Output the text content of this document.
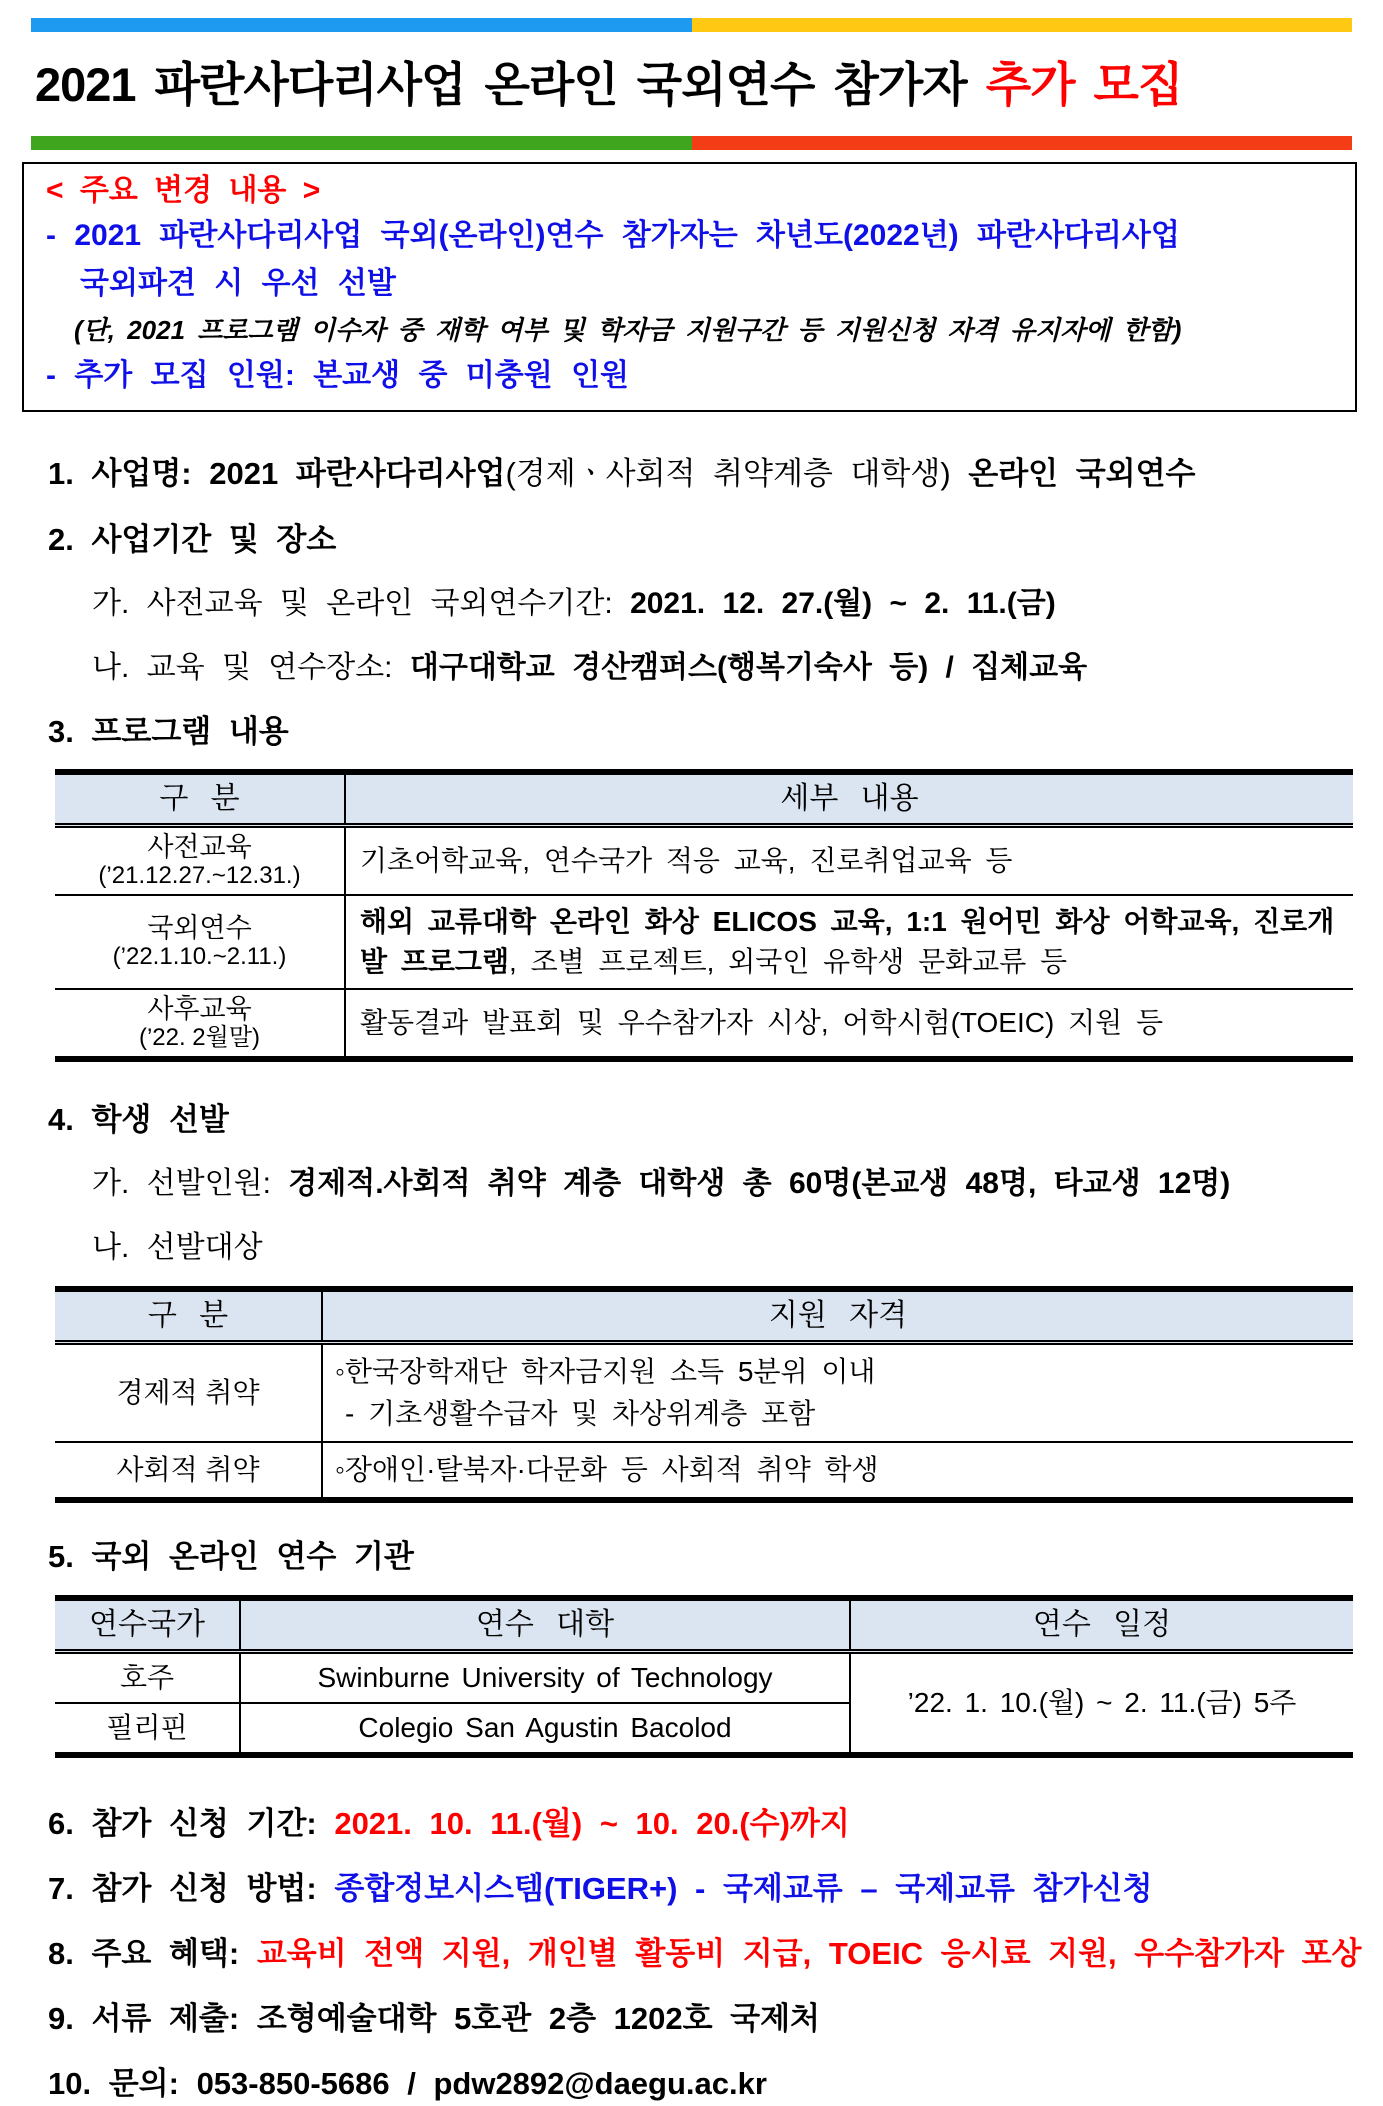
2021 파란사다리사업 온라인 국외연수 참가자 추가 모집
< 주요 변경 내용 >
- 2021 파란사다리사업 국외(온라인)연수 참가자는 차년도(2022년) 파란사다리사업
국외파견 시 우선 선발
(단, 2021 프로그램 이수자 중 재학 여부 및 학자금 지원구간 등 지원신청 자격 유지자에 한함)
- 추가 모집 인원: 본교생 중 미충원 인원
1. 사업명: 2021 파란사다리사업(경제ㆍ사회적 취약계층 대학생) 온라인 국외연수
2. 사업기간 및 장소
가. 사전교육 및 온라인 국외연수기간: 2021. 12. 27.(월) ~ 2. 11.(금)
나. 교육 및 연수장소: 대구대학교 경산캠퍼스(행복기숙사 등) / 집체교육
3. 프로그램 내용
구 분	세부 내용

사전교육
(’21.12.27.~12.31.)	기초어학교육, 연수국가 적응 교육, 진로취업교육 등

국외연수
(’22.1.10.~2.11.)	해외 교류대학 온라인 화상 ELICOS 교육, 1:1 원어민 화상 어학교육, 진로개발 프로그램, 조별 프로젝트, 외국인 유학생 문화교류 등

사후교육
(’22. 2월말)	활동결과 발표회 및 우수참가자 시상, 어학시험(TOEIC) 지원 등
4. 학생 선발
가. 선발인원: 경제적.사회적 취약 계층 대학생 총 60명(본교생 48명, 타교생 12명)
나. 선발대상
구 분	지원 자격
경제적 취약	◦한국장학재단 학자금지원 소득 5분위 이내
- 기초생활수급자 및 차상위계층 포함

사회적 취약	◦장애인·탈북자·다문화 등 사회적 취약 학생
5. 국외 온라인 연수 기관
연수국가	연수 대학	연수 일정
호주	Swinburne University of Technology	’22. 1. 10.(월) ~ 2. 11.(금) 5주
필리핀	Colegio San Agustin Bacolod	
6. 참가 신청 기간: 2021. 10. 11.(월) ~ 10. 20.(수)까지
7. 참가 신청 방법: 종합정보시스템(TIGER+) - 국제교류 – 국제교류 참가신청
8. 주요 혜택: 교육비 전액 지원, 개인별 활동비 지급, TOEIC 응시료 지원, 우수참가자 포상
9. 서류 제출: 조형예술대학 5호관 2층 1202호 국제처
10. 문의: 053-850-5686 / pdw2892@daegu.ac.kr
